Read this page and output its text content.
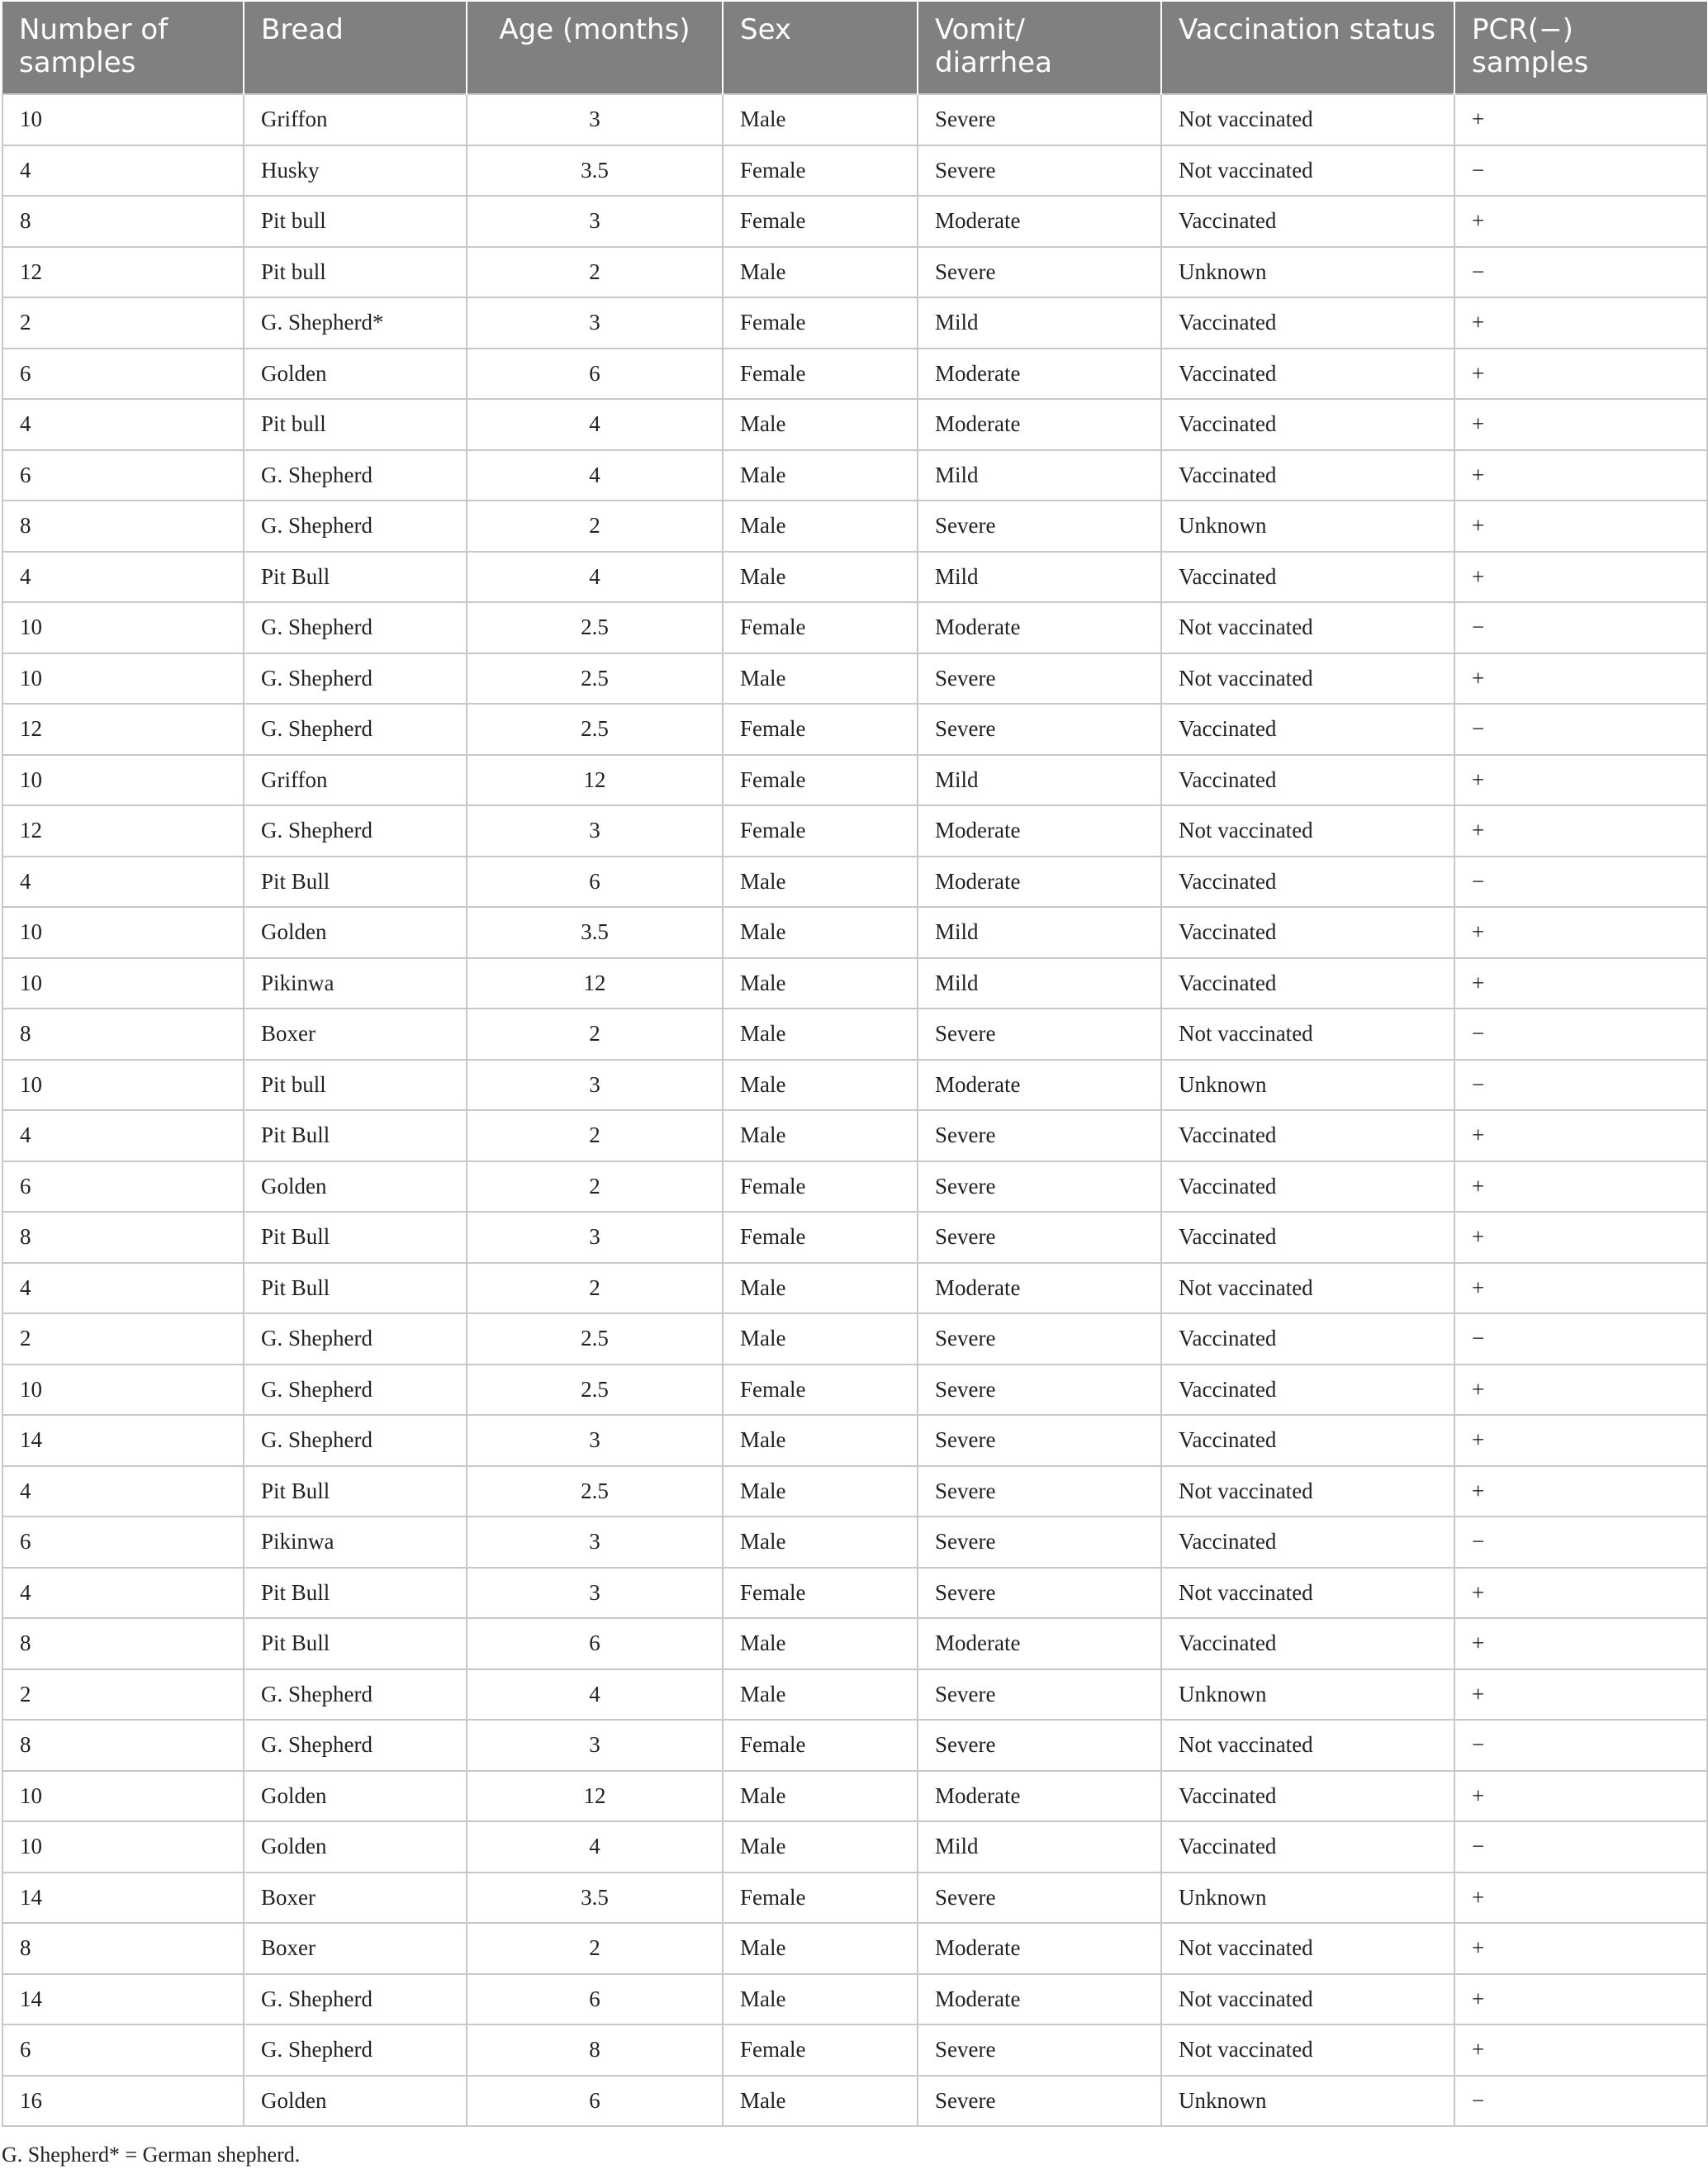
Number of samples	Bread	Age (months)	Sex	Vomit/ diarrhea	Vaccination status	PCR(−) samples
10	Griffon	3	Male	Severe	Not vaccinated	+
4	Husky	3.5	Female	Severe	Not vaccinated	−
8	Pit bull	3	Female	Moderate	Vaccinated	+
12	Pit bull	2	Male	Severe	Unknown	−
2	G. Shepherd*	3	Female	Mild	Vaccinated	+
6	Golden	6	Female	Moderate	Vaccinated	+
4	Pit bull	4	Male	Moderate	Vaccinated	+
6	G. Shepherd	4	Male	Mild	Vaccinated	+
8	G. Shepherd	2	Male	Severe	Unknown	+
4	Pit Bull	4	Male	Mild	Vaccinated	+
10	G. Shepherd	2.5	Female	Moderate	Not vaccinated	−
10	G. Shepherd	2.5	Male	Severe	Not vaccinated	+
12	G. Shepherd	2.5	Female	Severe	Vaccinated	−
10	Griffon	12	Female	Mild	Vaccinated	+
12	G. Shepherd	3	Female	Moderate	Not vaccinated	+
4	Pit Bull	6	Male	Moderate	Vaccinated	−
10	Golden	3.5	Male	Mild	Vaccinated	+
10	Pikinwa	12	Male	Mild	Vaccinated	+
8	Boxer	2	Male	Severe	Not vaccinated	−
10	Pit bull	3	Male	Moderate	Unknown	−
4	Pit Bull	2	Male	Severe	Vaccinated	+
6	Golden	2	Female	Severe	Vaccinated	+
8	Pit Bull	3	Female	Severe	Vaccinated	+
4	Pit Bull	2	Male	Moderate	Not vaccinated	+
2	G. Shepherd	2.5	Male	Severe	Vaccinated	−
10	G. Shepherd	2.5	Female	Severe	Vaccinated	+
14	G. Shepherd	3	Male	Severe	Vaccinated	+
4	Pit Bull	2.5	Male	Severe	Not vaccinated	+
6	Pikinwa	3	Male	Severe	Vaccinated	−
4	Pit Bull	3	Female	Severe	Not vaccinated	+
8	Pit Bull	6	Male	Moderate	Vaccinated	+
2	G. Shepherd	4	Male	Severe	Unknown	+
8	G. Shepherd	3	Female	Severe	Not vaccinated	−
10	Golden	12	Male	Moderate	Vaccinated	+
10	Golden	4	Male	Mild	Vaccinated	−
14	Boxer	3.5	Female	Severe	Unknown	+
8	Boxer	2	Male	Moderate	Not vaccinated	+
14	G. Shepherd	6	Male	Moderate	Not vaccinated	+
6	G. Shepherd	8	Female	Severe	Not vaccinated	+
16	Golden	6	Male	Severe	Unknown	−
G. Shepherd* = German shepherd.
